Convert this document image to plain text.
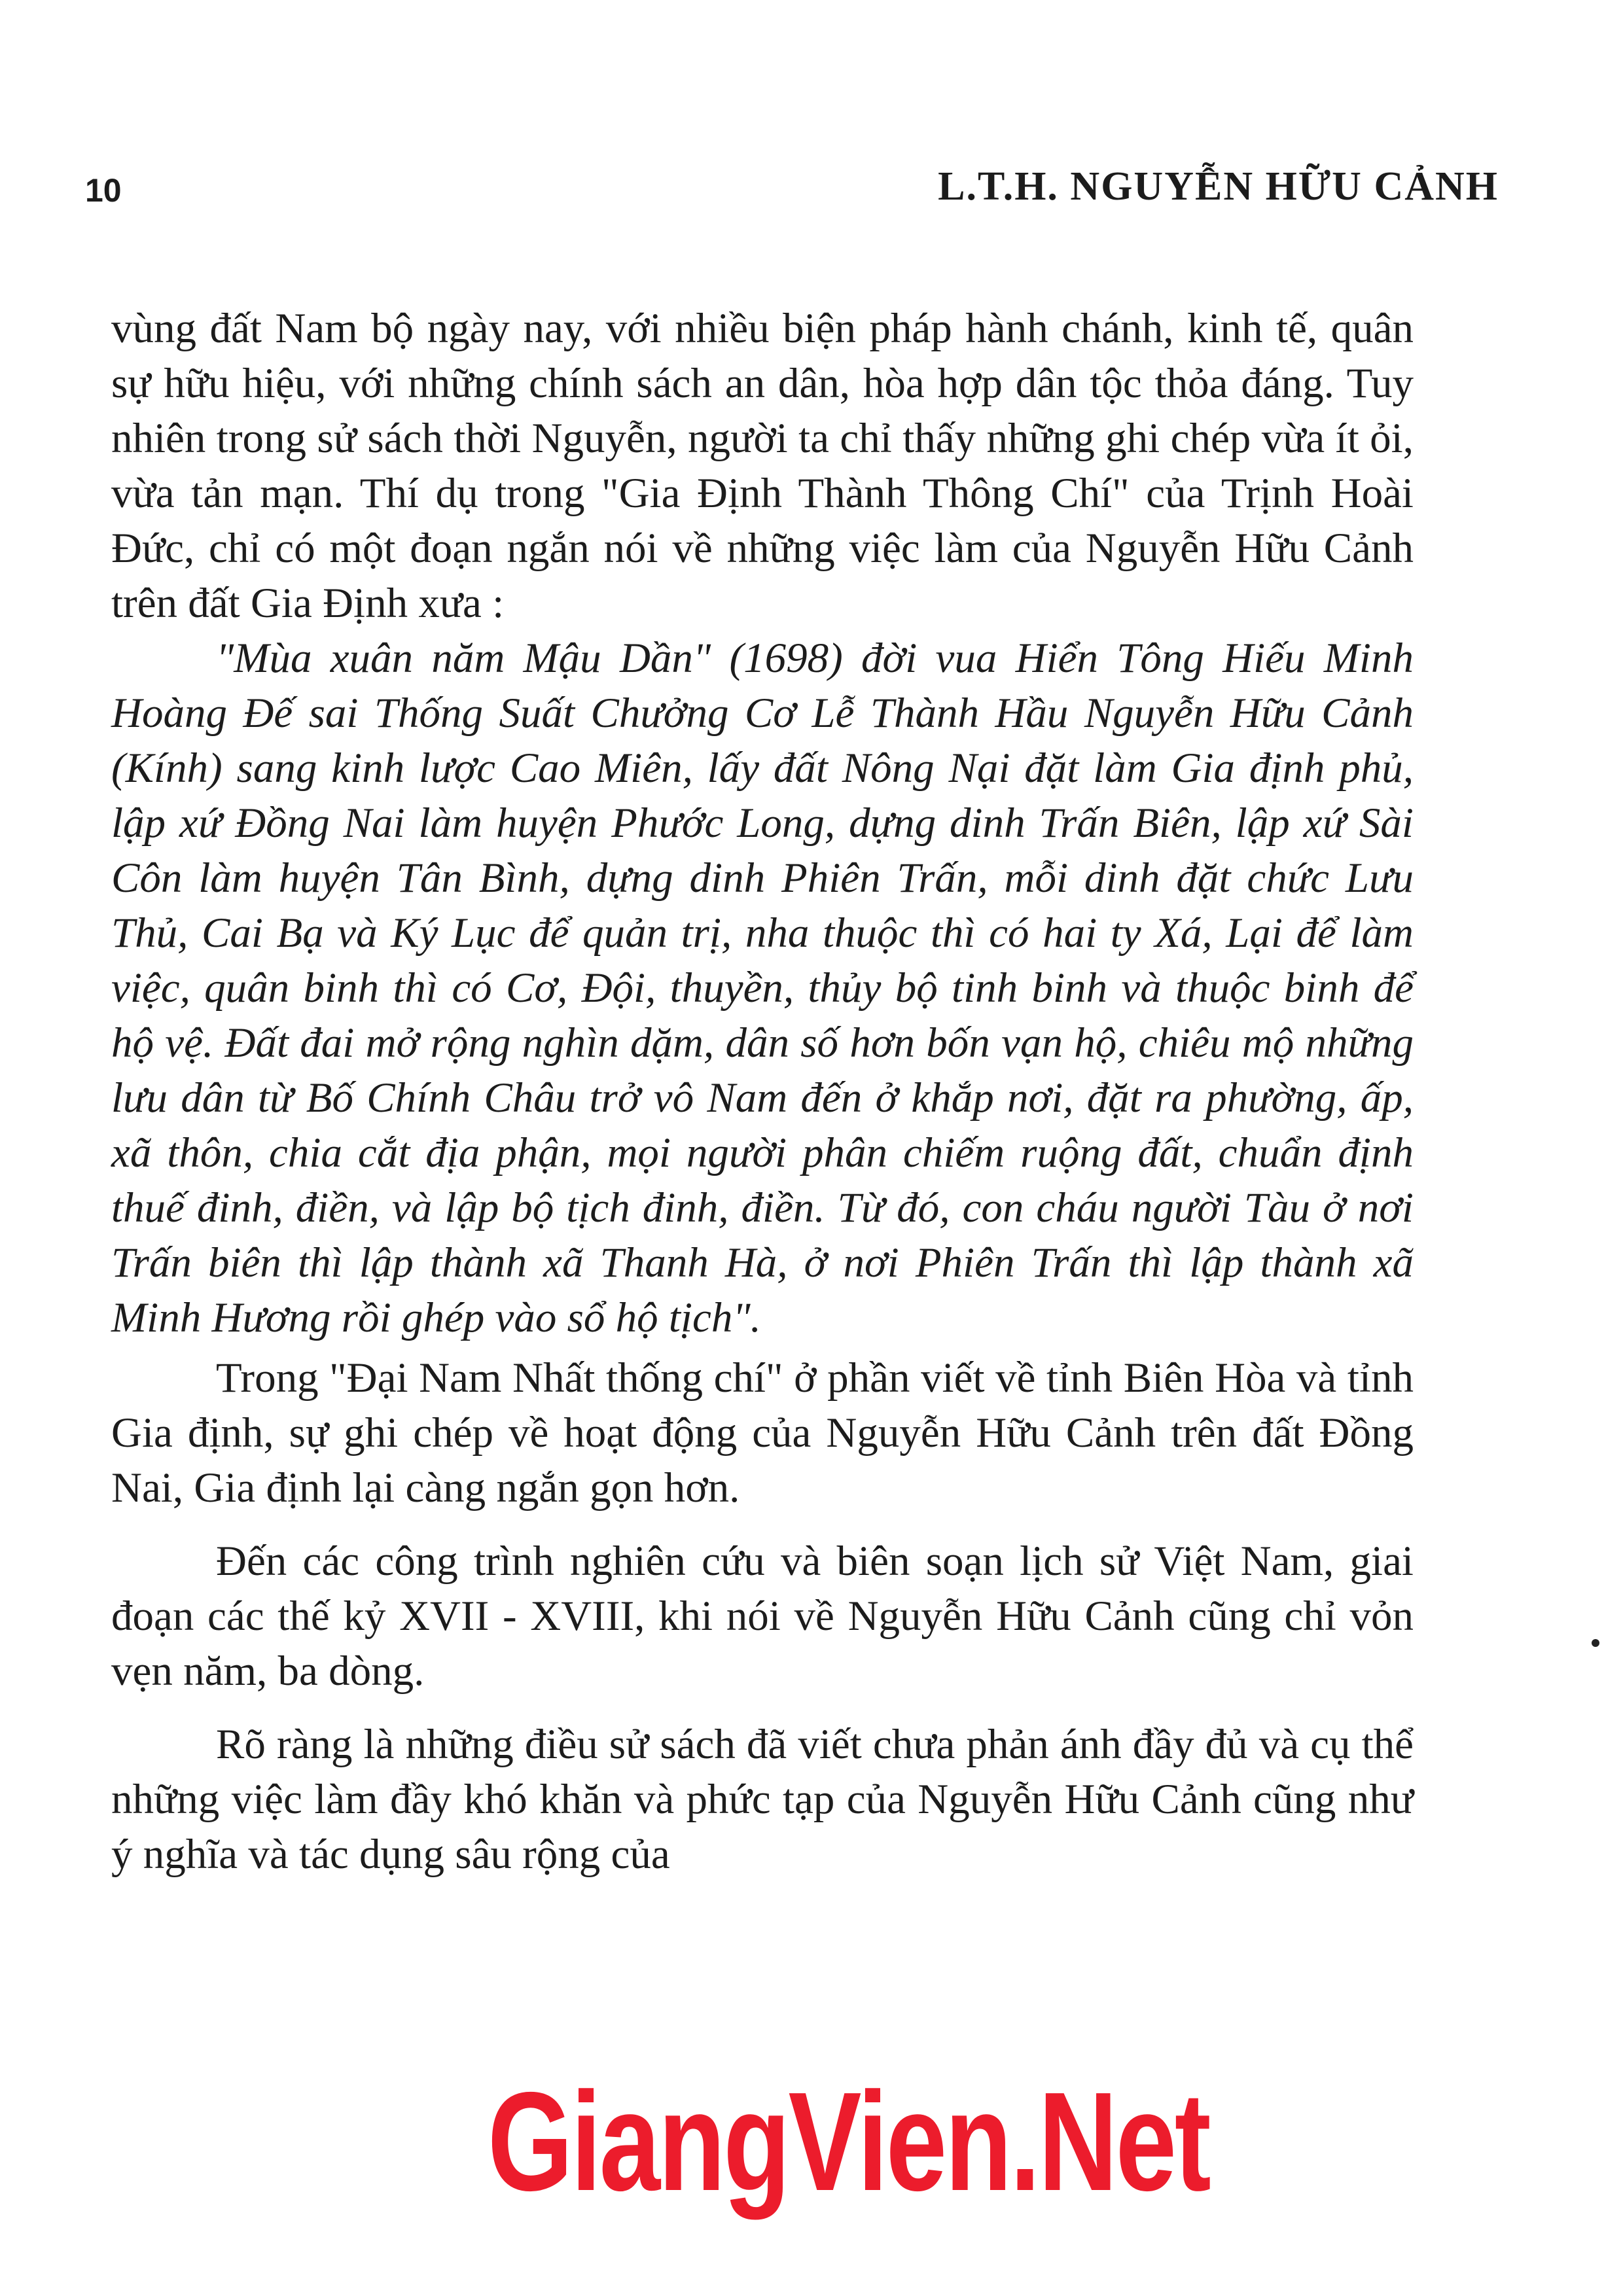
10	L.T.H. NGUYỄN HỮU CẢNH

vùng đất Nam bộ ngày nay, với nhiều biện pháp hành chánh, kinh tế, quân sự hữu hiệu, với những chính sách an dân, hòa hợp dân tộc thỏa đáng. Tuy nhiên trong sử sách thời Nguyễn, người ta chỉ thấy những ghi chép vừa ít ỏi, vừa tản mạn. Thí dụ trong "Gia Định Thành Thông Chí" của Trịnh Hoài Đức, chỉ có một đoạn ngắn nói về những việc làm của Nguyễn Hữu Cảnh trên đất Gia Định xưa :

"Mùa xuân năm Mậu Dần" (1698) đời vua Hiển Tông Hiếu Minh Hoàng Đế sai Thống Suất Chưởng Cơ Lễ Thành Hầu Nguyễn Hữu Cảnh (Kính) sang kinh lược Cao Miên, lấy đất Nông Nại đặt làm Gia định phủ, lập xứ Đồng Nai làm huyện Phước Long, dựng dinh Trấn Biên, lập xứ Sài Côn làm huyện Tân Bình, dựng dinh Phiên Trấn, mỗi dinh đặt chức Lưu Thủ, Cai Bạ và Ký Lục để quản trị, nha thuộc thì có hai ty Xá, Lại để làm việc, quân binh thì có Cơ, Đội, thuyền, thủy bộ tinh binh và thuộc binh để hộ vệ. Đất đai mở rộng nghìn dặm, dân số hơn bốn vạn hộ, chiêu mộ những lưu dân từ Bố Chính Châu trở vô Nam đến ở khắp nơi, đặt ra phường, ấp, xã thôn, chia cắt địa phận, mọi người phân chiếm ruộng đất, chuẩn định thuế đinh, điền, và lập bộ tịch đinh, điền. Từ đó, con cháu người Tàu ở nơi Trấn biên thì lập thành xã Thanh Hà, ở nơi Phiên Trấn thì lập thành xã Minh Hương rồi ghép vào sổ hộ tịch".

Trong "Đại Nam Nhất thống chí" ở phần viết về tỉnh Biên Hòa và tỉnh Gia định, sự ghi chép về hoạt động của Nguyễn Hữu Cảnh trên đất Đồng Nai, Gia định lại càng ngắn gọn hơn.

Đến các công trình nghiên cứu và biên soạn lịch sử Việt Nam, giai đoạn các thế kỷ XVII - XVIII, khi nói về Nguyễn Hữu Cảnh cũng chỉ vỏn vẹn năm, ba dòng.

Rõ ràng là những điều sử sách đã viết chưa phản ánh đầy đủ và cụ thể những việc làm đầy khó khăn và phức tạp của Nguyễn Hữu Cảnh cũng như ý nghĩa và tác dụng sâu rộng của

GiangVien.Net
